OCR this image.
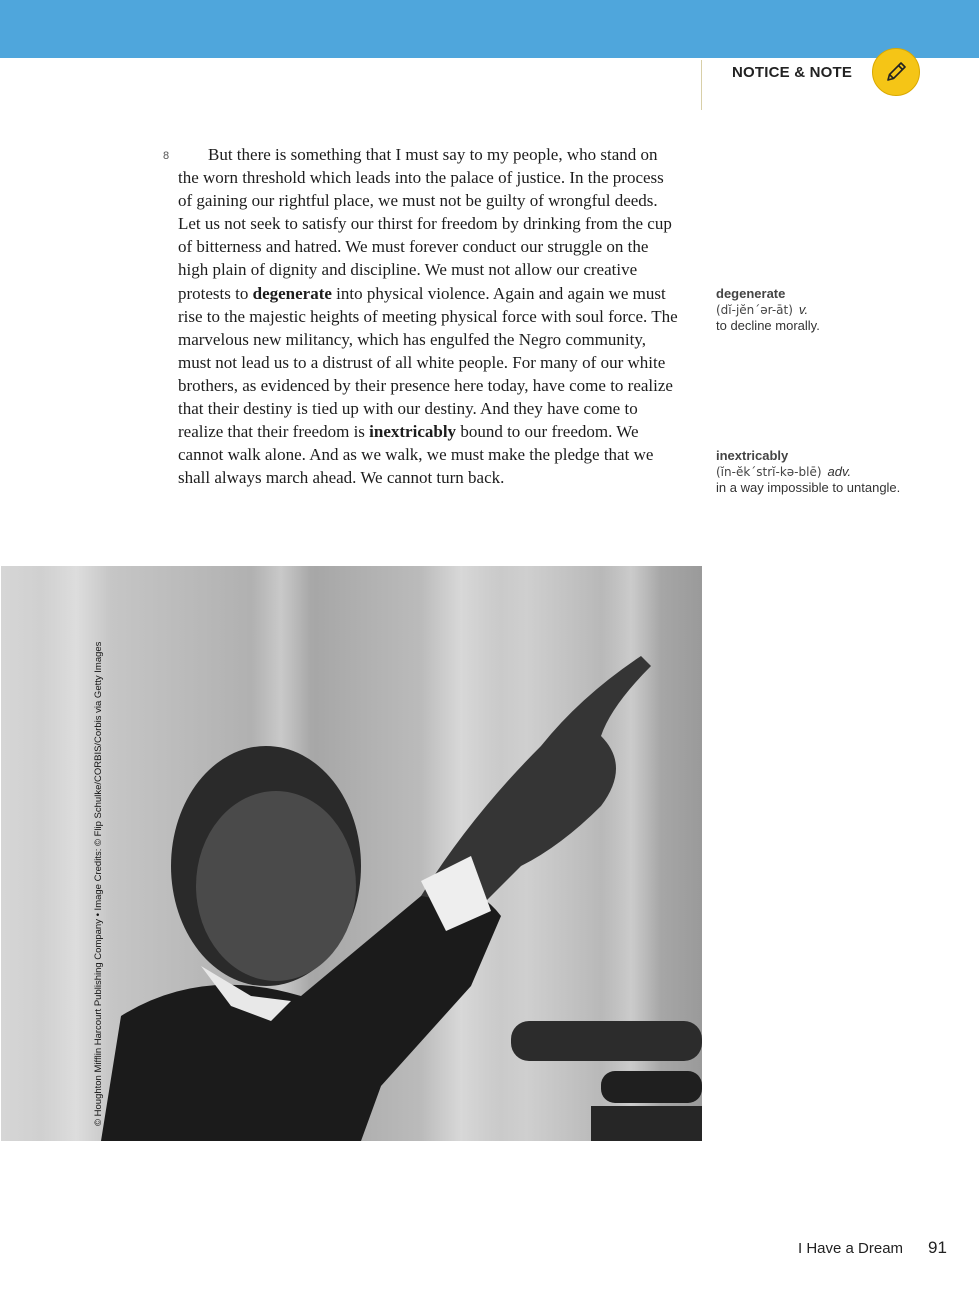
NOTICE & NOTE
8	But there is something that I must say to my people, who stand on the worn threshold which leads into the palace of justice. In the process of gaining our rightful place, we must not be guilty of wrongful deeds. Let us not seek to satisfy our thirst for freedom by drinking from the cup of bitterness and hatred. We must forever conduct our struggle on the high plain of dignity and discipline. We must not allow our creative protests to degenerate into physical violence. Again and again we must rise to the majestic heights of meeting physical force with soul force. The marvelous new militancy, which has engulfed the Negro community, must not lead us to a distrust of all white people. For many of our white brothers, as evidenced by their presence here today, have come to realize that their destiny is tied up with our destiny. And they have come to realize that their freedom is inextricably bound to our freedom. We cannot walk alone. And as we walk, we must make the pledge that we shall always march ahead. We cannot turn back.
degenerate
(dĭ-jĕn´ər-āt) v.
to decline morally.
inextricably
(ĭn-ĕk´strĭ-kə-blē) adv.
in a way impossible to untangle.
© Houghton Mifflin Harcourt Publishing Company • Image Credits: © Flip Schulke/CORBIS/Corbis via Getty Images
I Have a Dream 91
